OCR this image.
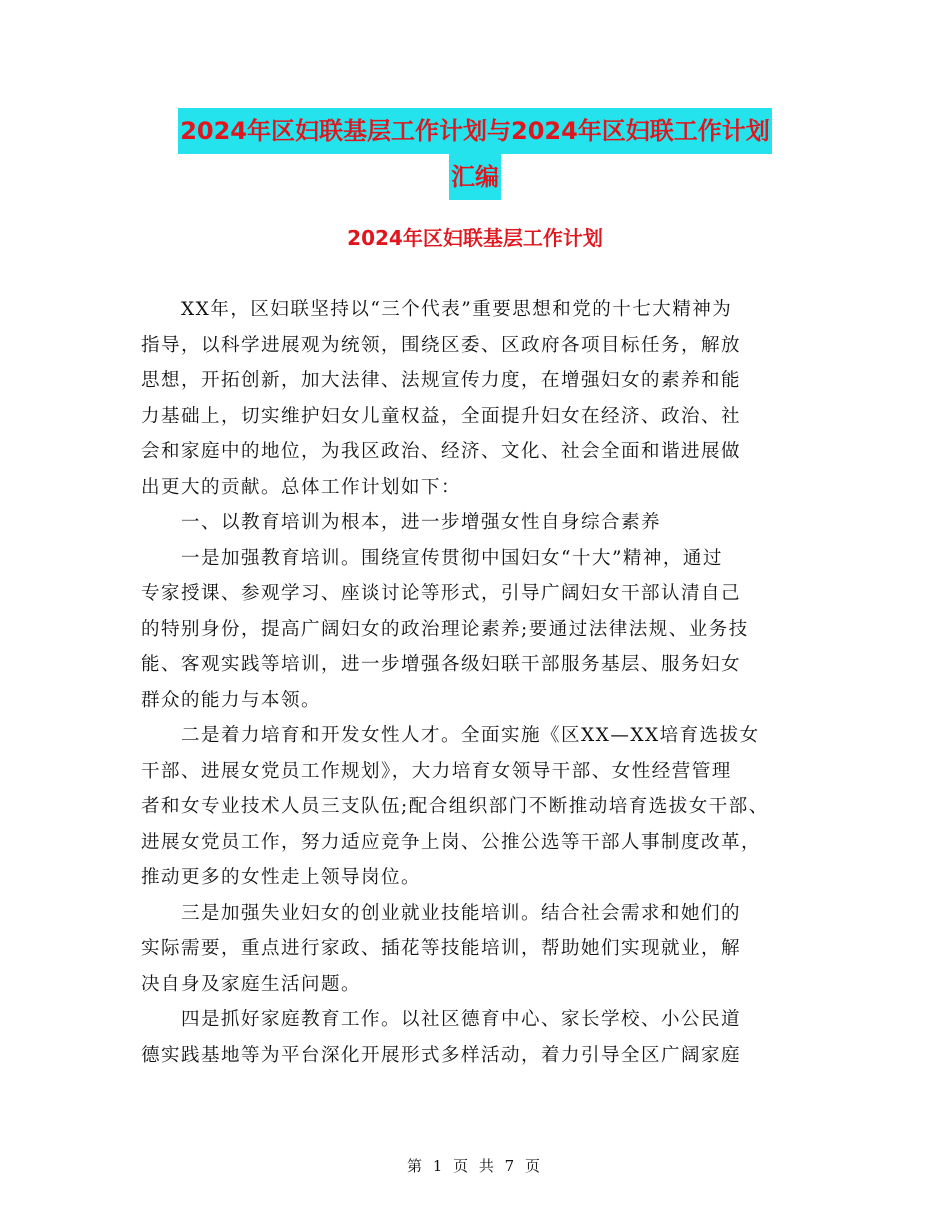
2024年区妇联基层工作计划与2024年区妇联工作计划
汇编
2024年区妇联基层工作计划
　　XX年，区妇联坚持以“三个代表”重要思想和党的十七大精神为
指导，以科学进展观为统领，围绕区委、区政府各项目标任务，解放
思想，开拓创新，加大法律、法规宣传力度，在增强妇女的素养和能
力基础上，切实维护妇女儿童权益，全面提升妇女在经济、政治、社
会和家庭中的地位，为我区政治、经济、文化、社会全面和谐进展做
出更大的贡献。总体工作计划如下：
　　一、以教育培训为根本，进一步增强女性自身综合素养
　　一是加强教育培训。围绕宣传贯彻中国妇女“十大”精神，通过
专家授课、参观学习、座谈讨论等形式，引导广阔妇女干部认清自己
的特别身份，提高广阔妇女的政治理论素养;要通过法律法规、业务技
能、客观实践等培训，进一步增强各级妇联干部服务基层、服务妇女
群众的能力与本领。
　　二是着力培育和开发女性人才。全面实施《区XX—XX培育选拔女
干部、进展女党员工作规划》，大力培育女领导干部、女性经营管理
者和女专业技术人员三支队伍;配合组织部门不断推动培育选拔女干部、
进展女党员工作，努力适应竞争上岗、公推公选等干部人事制度改革，
推动更多的女性走上领导岗位。
　　三是加强失业妇女的创业就业技能培训。结合社会需求和她们的
实际需要，重点进行家政、插花等技能培训，帮助她们实现就业，解
决自身及家庭生活问题。
　　四是抓好家庭教育工作。以社区德育中心、家长学校、小公民道
德实践基地等为平台深化开展形式多样活动，着力引导全区广阔家庭
第 1 页 共 7 页
